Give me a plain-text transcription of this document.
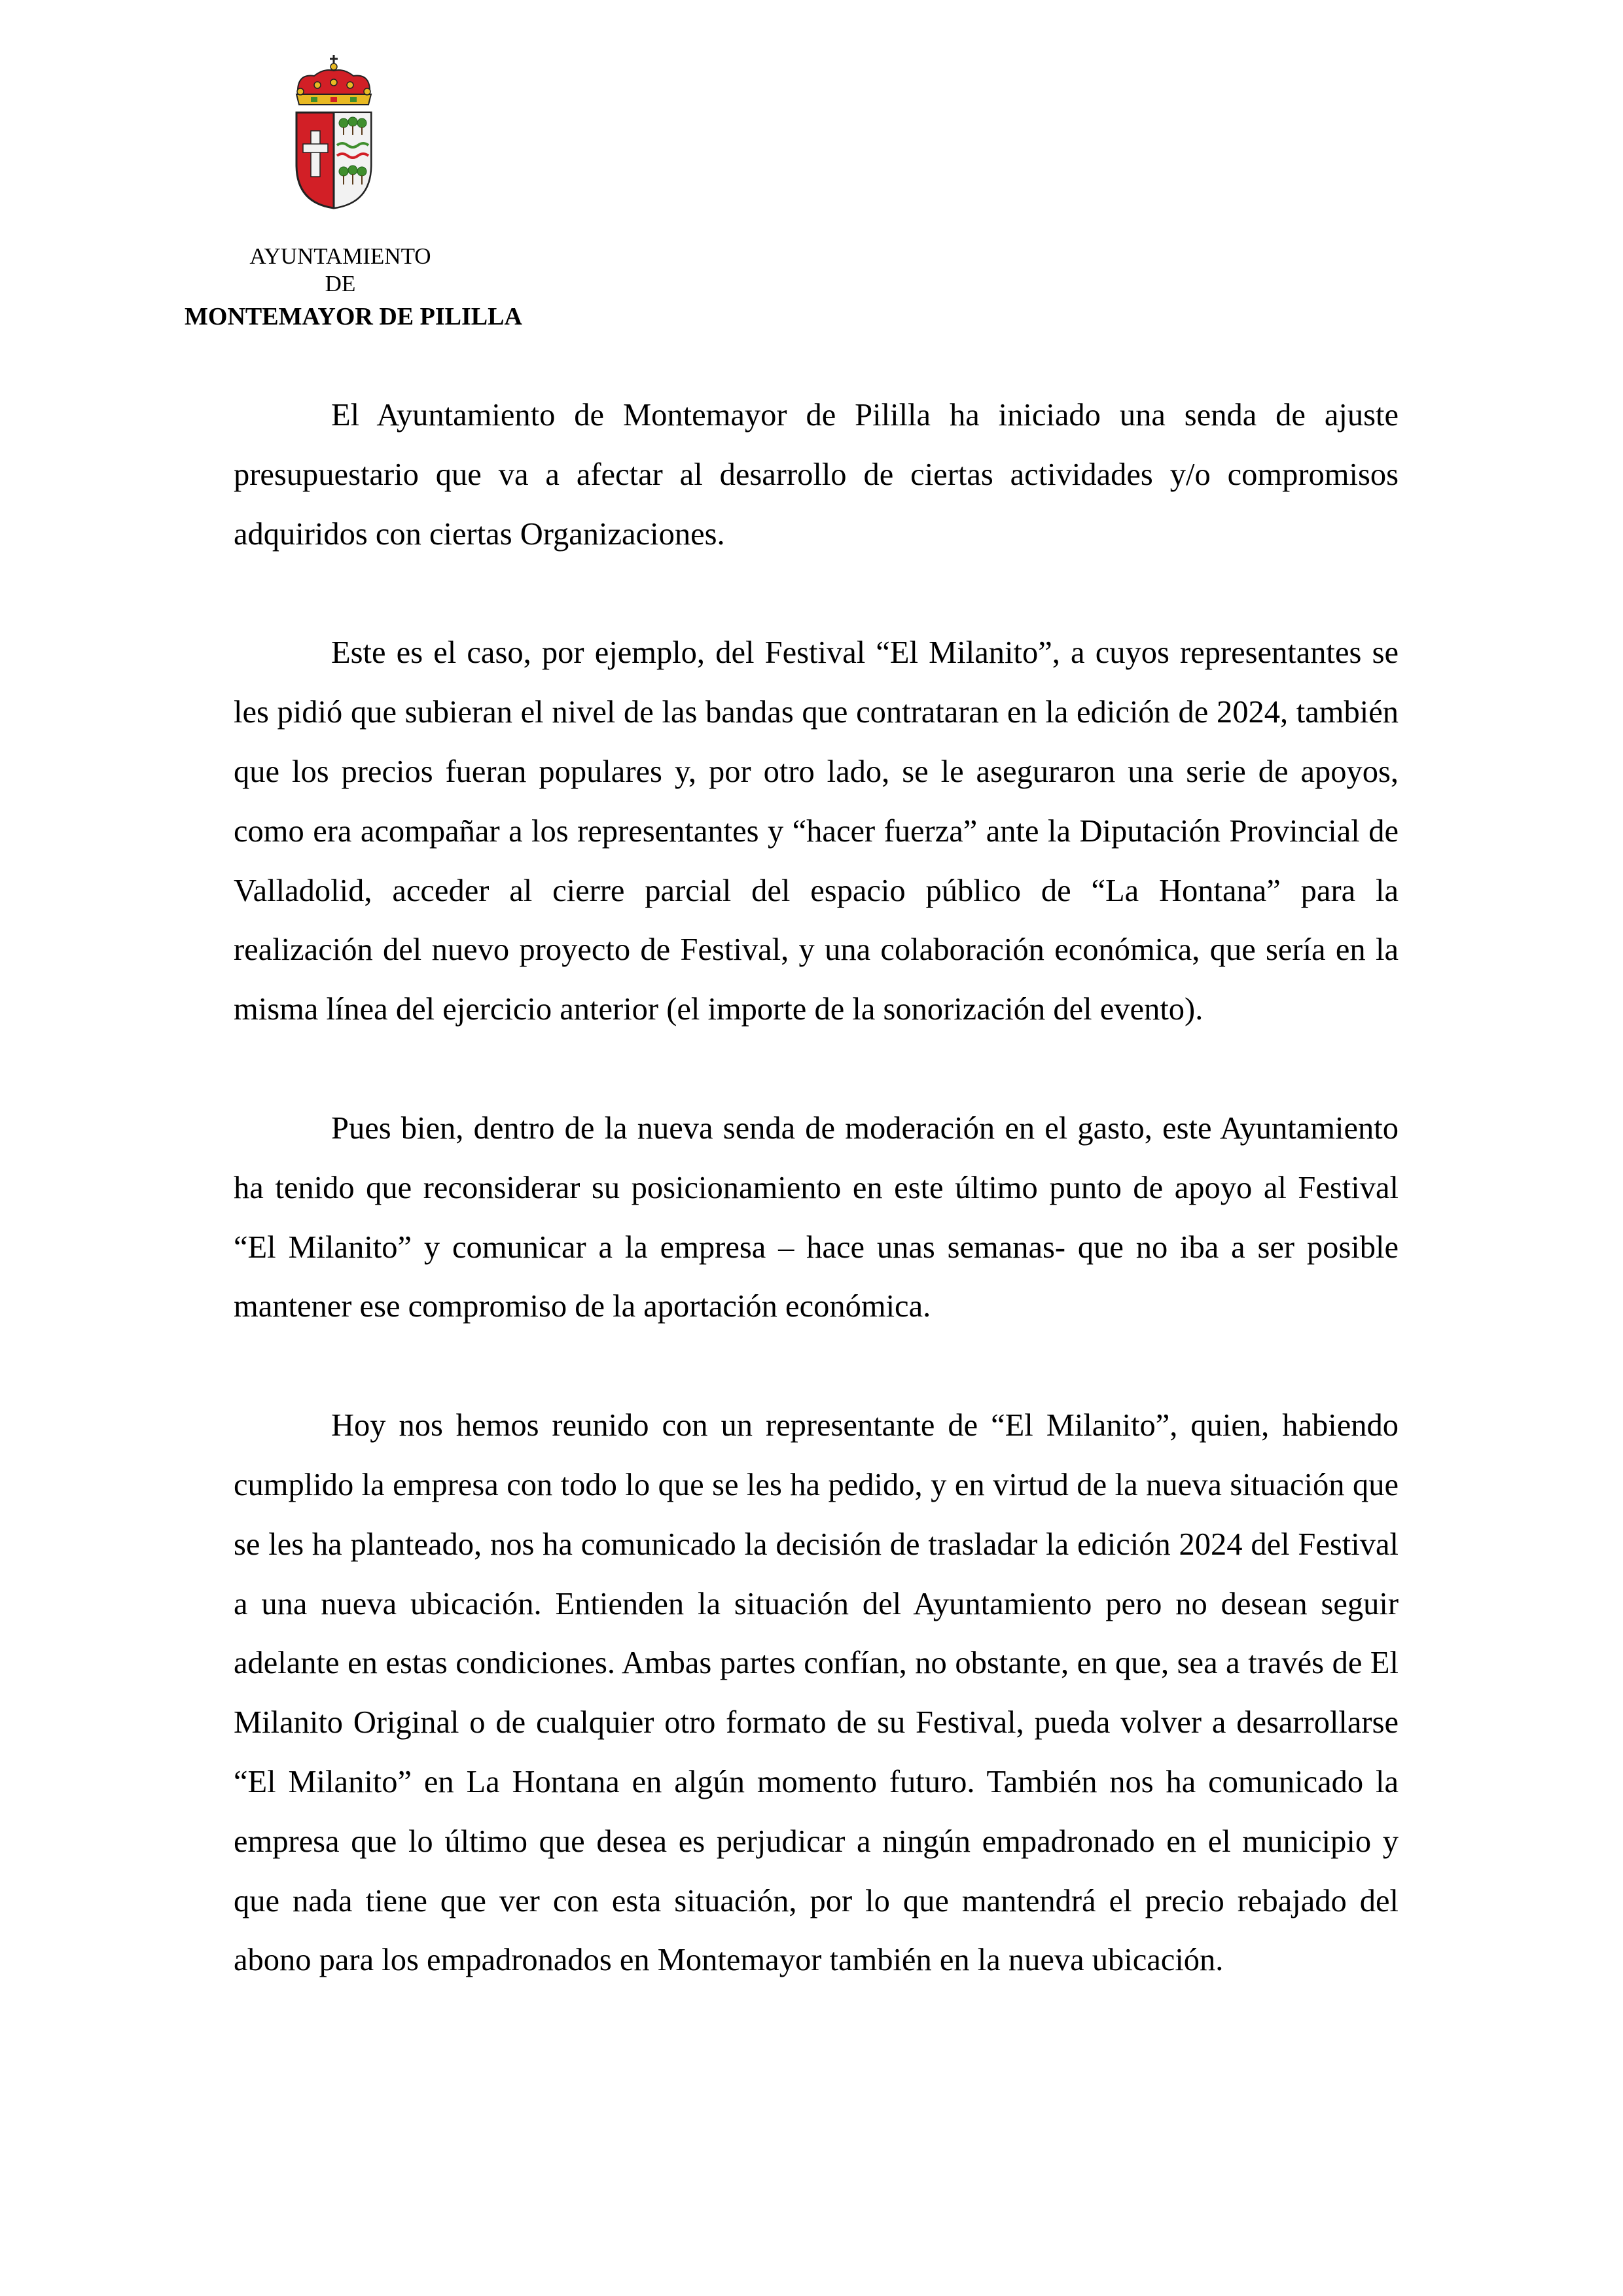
AYUNTAMIENTO
DE
MONTEMAYOR DE PILILLA

El Ayuntamiento de Montemayor de Pililla ha iniciado una senda de ajuste presupuestario que va a afectar al desarrollo de ciertas actividades y/o compromisos adquiridos con ciertas Organizaciones.

Este es el caso, por ejemplo, del Festival “El Milanito”, a cuyos representantes se les pidió que subieran el nivel de las bandas que contrataran en la edición de 2024, también que los precios fueran populares y, por otro lado, se le aseguraron una serie de apoyos, como era acompañar a los representantes y “hacer fuerza” ante la Diputación Provincial de Valladolid, acceder al cierre parcial del espacio público de “La Hontana” para la realización del nuevo proyecto de Festival, y una colaboración económica, que sería en la misma línea del ejercicio anterior (el importe de la sonorización del evento).

Pues bien, dentro de la nueva senda de moderación en el gasto, este Ayuntamiento ha tenido que reconsiderar su posicionamiento en este último punto de apoyo al Festival “El Milanito” y comunicar a la empresa – hace unas semanas- que no iba a ser posible mantener ese compromiso de la aportación económica.

Hoy nos hemos reunido con un representante de “El Milanito”, quien, habiendo cumplido la empresa con todo lo que se les ha pedido, y en virtud de la nueva situación que se les ha planteado, nos ha comunicado la decisión de trasladar la edición 2024 del Festival a una nueva ubicación. Entienden la situación del Ayuntamiento pero no desean seguir adelante en estas condiciones. Ambas partes confían, no obstante, en que, sea a través de El Milanito Original o de cualquier otro formato de su Festival, pueda volver a desarrollarse “El Milanito” en La Hontana en algún momento futuro. También nos ha comunicado la empresa que lo último que desea es perjudicar a ningún empadronado en el municipio y que nada tiene que ver con esta situación, por lo que mantendrá el precio rebajado del abono para los empadronados en Montemayor también en la nueva ubicación.
